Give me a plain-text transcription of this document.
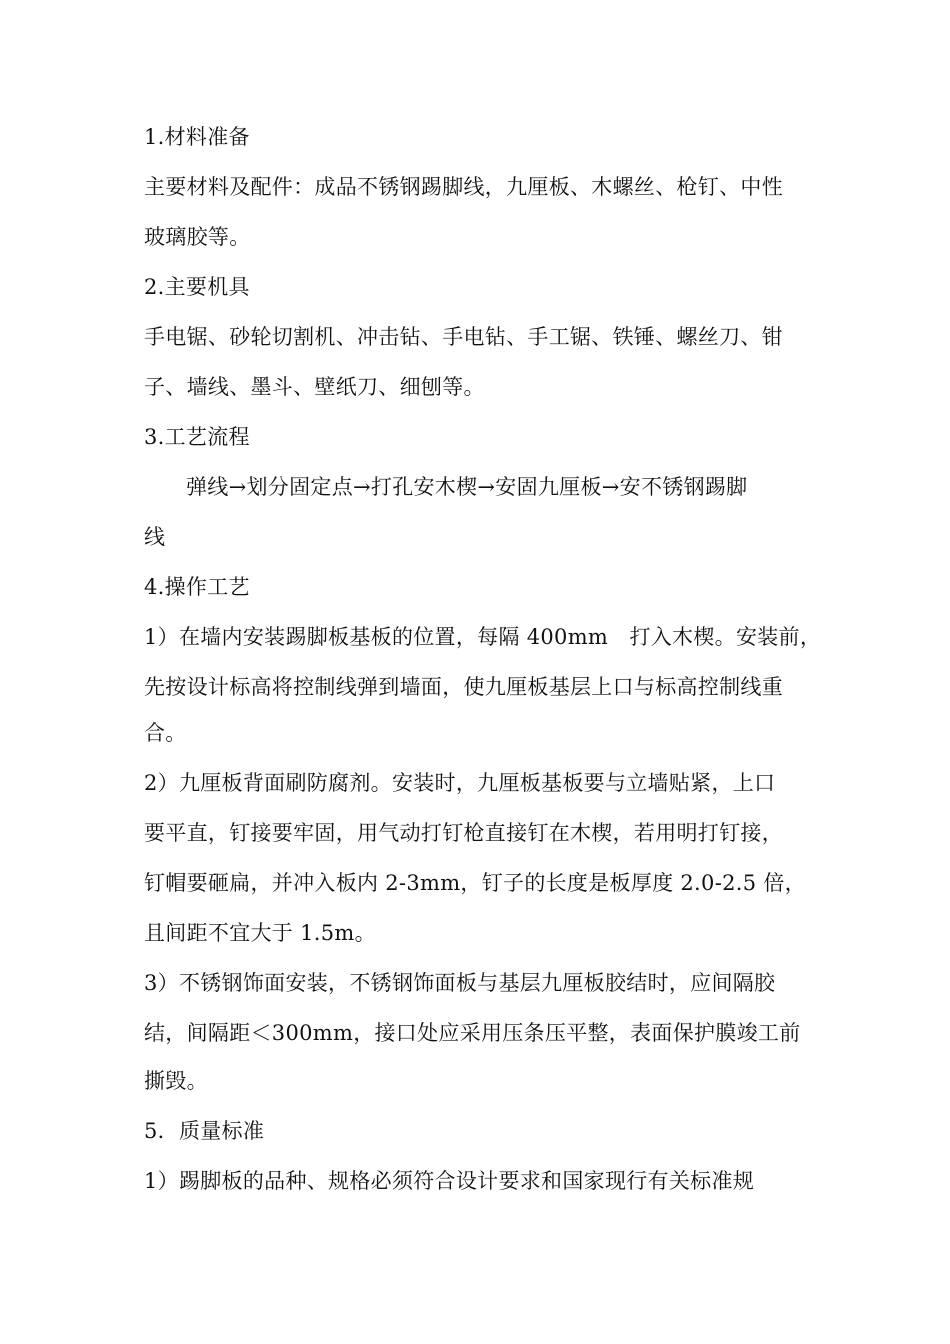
1.材料准备
主要材料及配件：成品不锈钢踢脚线，九厘板、木螺丝、枪钉、中性
玻璃胶等。
2.主要机具
手电锯、砂轮切割机、冲击钻、手电钻、手工锯、铁锤、螺丝刀、钳
子、墙线、墨斗、壁纸刀、细刨等。
3.工艺流程
弹线→划分固定点→打孔安木楔→安固九厘板→安不锈钢踢脚
线
4.操作工艺
1）在墙内安装踢脚板基板的位置，每隔 400mm　打入木楔。安装前，
先按设计标高将控制线弹到墙面，使九厘板基层上口与标高控制线重
合。
2）九厘板背面刷防腐剂。安装时，九厘板基板要与立墙贴紧，上口
要平直，钉接要牢固，用气动打钉枪直接钉在木楔，若用明打钉接，
钉帽要砸扁，并冲入板内 2-3mm，钉子的长度是板厚度 2.0-2.5 倍，
且间距不宜大于 1.5m。
3）不锈钢饰面安装，不锈钢饰面板与基层九厘板胶结时，应间隔胶
结，间隔距＜300mm，接口处应采用压条压平整，表面保护膜竣工前
撕毁。
5．质量标准
1）踢脚板的品种、规格必须符合设计要求和国家现行有关标准规
